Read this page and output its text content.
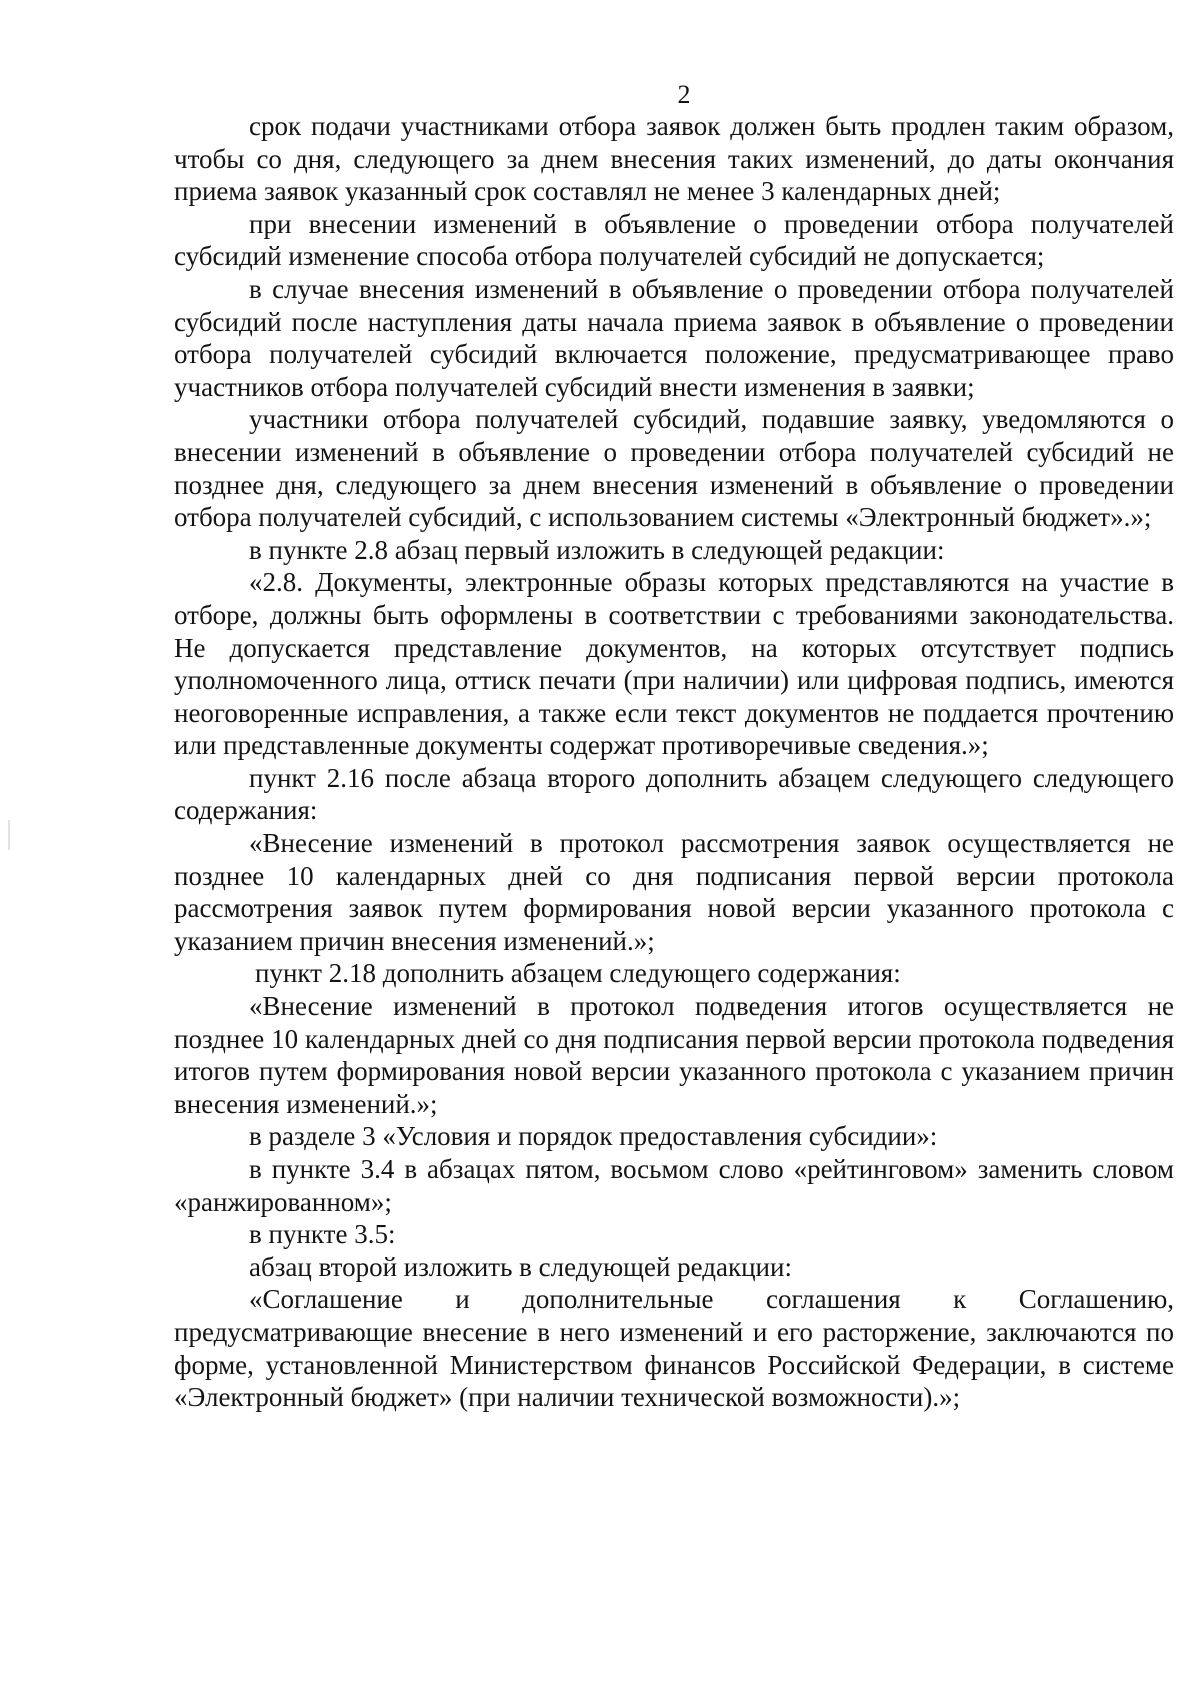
2

срок подачи участниками отбора заявок должен быть продлен таким образом, чтобы со дня, следующего за днем внесения таких изменений, до даты окончания приема заявок указанный срок составлял не менее 3 календарных дней;

при внесении изменений в объявление о проведении отбора получателей субсидий изменение способа отбора получателей субсидий не допускается;

в случае внесения изменений в объявление о проведении отбора получателей субсидий после наступления даты начала приема заявок в объявление о проведении отбора получателей субсидий включается положение, предусматривающее право участников отбора получателей субсидий внести изменения в заявки;

участники отбора получателей субсидий, подавшие заявку, уведомляются о внесении изменений в объявление о проведении отбора получателей субсидий не позднее дня, следующего за днем внесения изменений в объявление о проведении отбора получателей субсидий, с использованием системы «Электронный бюджет».»;

в пункте 2.8 абзац первый изложить в следующей редакции:

«2.8. Документы, электронные образы которых представляются на участие в отборе, должны быть оформлены в соответствии с требованиями законодательства. Не допускается представление документов, на которых отсутствует подпись уполномоченного лица, оттиск печати (при наличии) или цифровая подпись, имеются неоговоренные исправления, а также если текст документов не поддается прочтению или представленные документы содержат противоречивые сведения.»;

пункт 2.16 после абзаца второго дополнить абзацем следующего следующего содержания:

«Внесение изменений в протокол рассмотрения заявок осуществляется не позднее 10 календарных дней со дня подписания первой версии протокола рассмотрения заявок путем формирования новой версии указанного протокола с указанием причин внесения изменений.»;

пункт 2.18 дополнить абзацем следующего содержания:

«Внесение изменений в протокол подведения итогов осуществляется не позднее 10 календарных дней со дня подписания первой версии протокола подведения итогов путем формирования новой версии указанного протокола с указанием причин внесения изменений.»;

в разделе 3 «Условия и порядок предоставления субсидии»:

в пункте 3.4 в абзацах пятом, восьмом слово «рейтинговом» заменить словом «ранжированном»;

в пункте 3.5:

абзац второй изложить в следующей редакции:

«Соглашение и дополнительные соглашения к Соглашению, предусматривающие внесение в него изменений и его расторжение, заключаются по форме, установленной Министерством финансов Российской Федерации, в системе «Электронный бюджет» (при наличии технической возможности).»;
